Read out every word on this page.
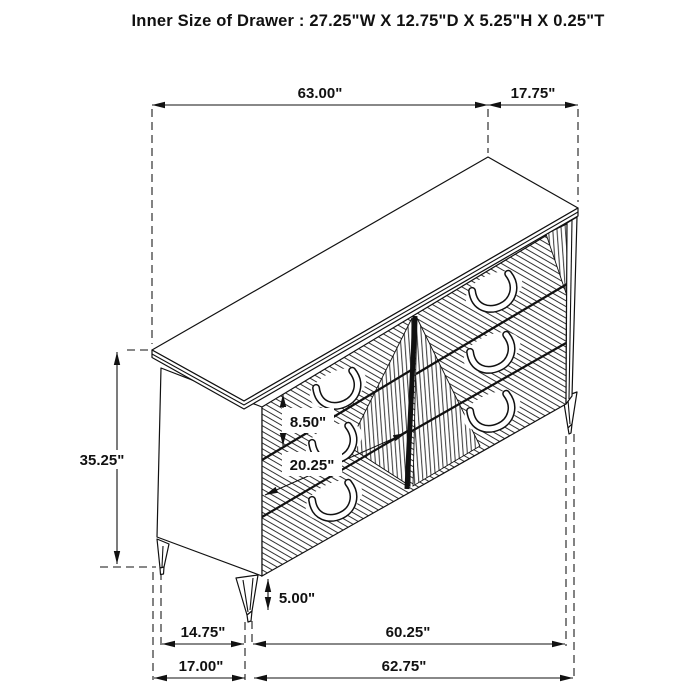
Inner Size of Drawer : 27.25"W X 12.75"D X 5.25"H X 0.25"T
63.00"	17.75"
35.25"
8.50"
20.25"
5.00"
14.75"	60.25"
17.00"	62.75"
